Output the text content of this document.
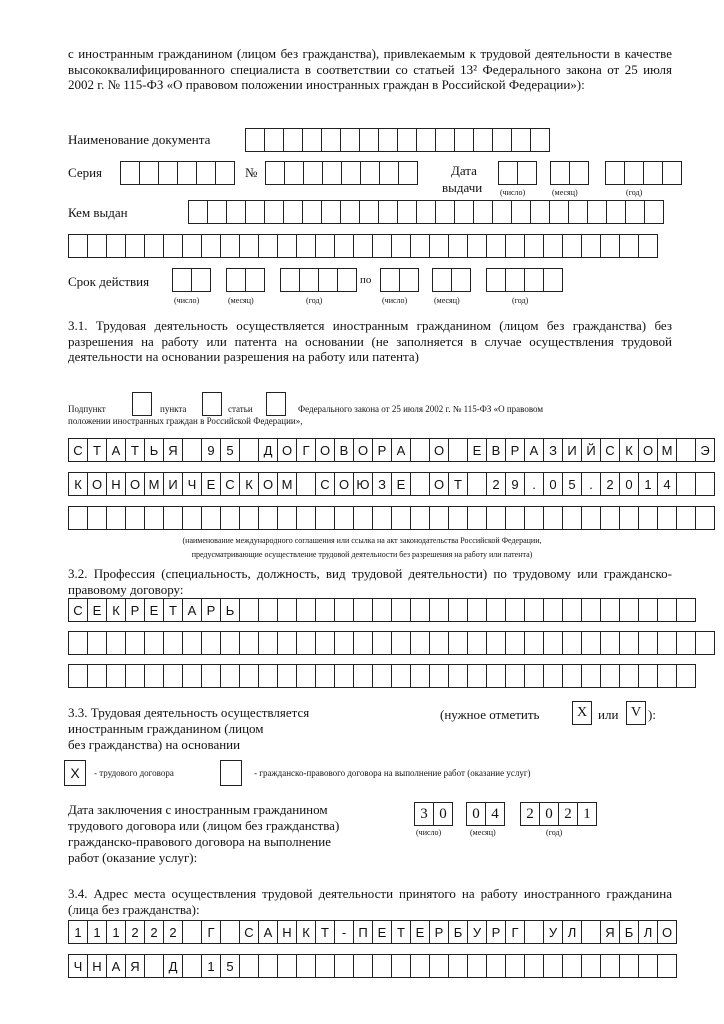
с иностранным гражданином (лицом без гражданства), привлекаемым к трудовой деятельности в качестве высококвалифицированного специалиста в соответствии со статьей 13² Федерального закона от 25 июля 2002 г. № 115-ФЗ «О правовом положении иностранных граждан в Российской Федерации»):
Наименование документа
Серия	№	Дата
выдачи (число)	(месяц)	(год)
Кем выдан
Срок действия	по
(число)	(месяц)	(год)	(число)	(месяц)	(год)
3.1. Трудовая деятельность осуществляется иностранным гражданином (лицом без гражданства) без разрешения на работу или патента на основании (не заполняется в случае осуществления трудовой деятельности на основании разрешения на работу или патента)
Подпункт	пункта	статьи	Федерального закона от 25 июля 2002 г. № 115-ФЗ «О правовом
положении иностранных граждан в Российской Федерации»,
С Т А Т Ь Я	9 5	Д О Г О В О Р А	О	Е В Р А З И Й С К О М	Э
К О Н О М И Ч Е С К О М	С О Ю З Е	О Т	2 9	.	0 5	.	2 0 1 4
(наименование международного соглашения или ссылка на акт законодательства Российской Федерации,
предусматривающие осуществление трудовой деятельности без разрешения на работу или патента)
3.2. Профессия (специальность, должность, вид трудовой деятельности) по трудовому или гражданско-правовому договору:
С Е К Р Е Т А Р Ь
3.3. Трудовая деятельность осуществляется
иностранным гражданином (лицом
без гражданства) на основании
(нужное отметить	X или V ):
X	- трудового договора	- гражданско-правового договора на выполнение работ (оказание услуг)
Дата заключения с иностранным гражданином
трудового договора или (лицом без гражданства)
гражданско-правового договора на выполнение
работ (оказание услуг):
3 0	0 4	2 0 2 1
(число)	(месяц)	(год)
3.4. Адрес места осуществления трудовой деятельности принятого на работу иностранного гражданина (лица без гражданства):
1 1 1 2 2 2	Г	С А Н К Т - П Е Т Е Р Б У Р Г	У Л	Я Б Л О
Ч Н А Я	Д	1 5
